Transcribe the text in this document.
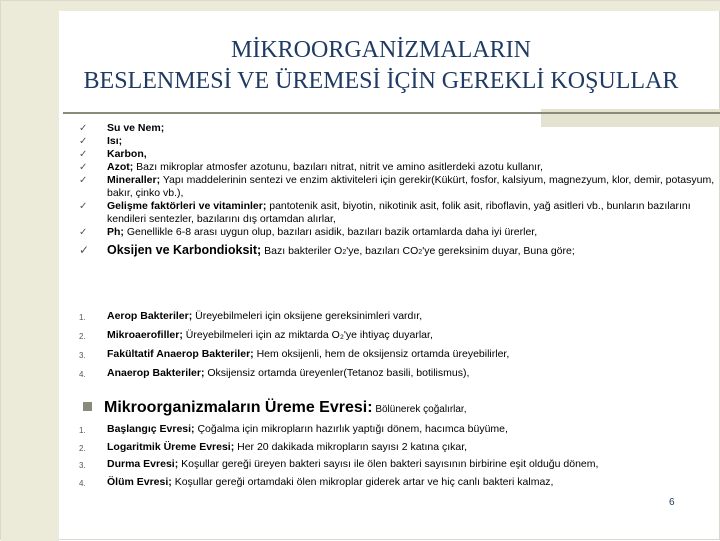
MİKROORGANİZMALARIN
BESLENMESİ VE ÜREMESİ İÇİN GEREKLİ KOŞULLAR
✓	Su ve Nem;
✓	Isı;
✓	Karbon,
✓	Azot; Bazı mikroplar atmosfer azotunu, bazıları nitrat, nitrit ve amino asitlerdeki azotu kullanır,
✓	Mineraller; Yapı maddelerinin sentezi ve enzim aktiviteleri için gerekir(Kükürt, fosfor, kalsiyum, magnezyum, klor, demir, potasyum, bakır, çinko vb.),
✓	Gelişme faktörleri ve vitaminler; pantotenik asit, biyotin, nikotinik asit, folik asit, riboflavin, yağ asitleri vb., bunların bazılarını kendileri sentezler, bazılarını dış ortamdan alırlar,
✓	Ph; Genellikle 6-8 arası uygun olup, bazıları asidik, bazıları bazik ortamlarda daha iyi ürerler,
✓	Oksijen ve Karbondioksit; Bazı bakteriler O2'ye, bazıları CO2'ye gereksinim duyar, Buna göre;
1. Aerop Bakteriler; Üreyebilmeleri için oksijene gereksinimleri vardır,
2. Mikroaerofiller; Üreyebilmeleri için az miktarda O₂'ye ihtiyaç duyarlar,
3. Fakültatif Anaerop Bakteriler; Hem oksijenli, hem de oksijensiz ortamda üreyebilirler,
4. Anaerop Bakteriler; Oksijensiz ortamda üreyenler(Tetanoz basili, botilismus),
Mikroorganizmaların Üreme Evresi: Bölünerek çoğalırlar,
1. Başlangıç Evresi; Çoğalma için mikropların hazırlık yaptığı dönem, hacımca büyüme,
2. Logaritmik Üreme Evresi; Her 20 dakikada mikropların sayısı 2 katına çıkar,
3. Durma Evresi; Koşullar gereği üreyen bakteri sayısı ile ölen bakteri sayısının birbirine eşit olduğu dönem,
4. Ölüm Evresi; Koşullar gereği ortamdaki ölen mikroplar giderek artar ve hiç canlı bakteri kalmaz,
6
